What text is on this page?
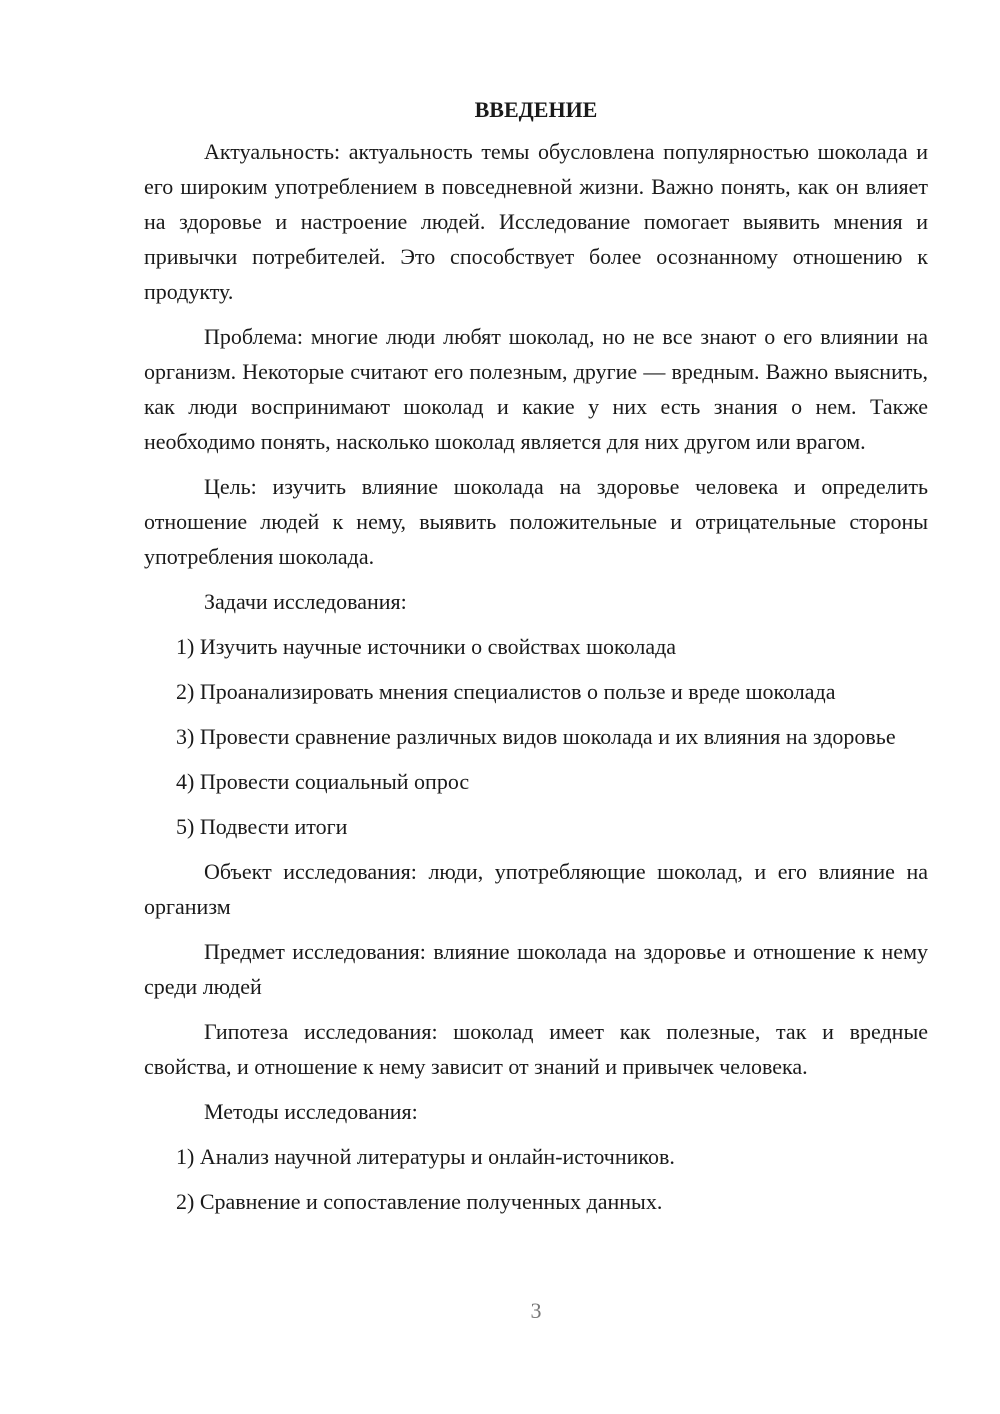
ВВЕДЕНИЕ

Актуальность: актуальность темы обусловлена популярностью шоколада и его широким употреблением в повседневной жизни. Важно понять, как он влияет на здоровье и настроение людей. Исследование помогает выявить мнения и привычки потребителей. Это способствует более осознанному отношению к продукту.

Проблема: многие люди любят шоколад, но не все знают о его влиянии на организм. Некоторые считают его полезным, другие — вредным. Важно выяснить, как люди воспринимают шоколад и какие у них есть знания о нем. Также необходимо понять, насколько шоколад является для них другом или врагом.

Цель: изучить влияние шоколада на здоровье человека и определить отношение людей к нему, выявить положительные и отрицательные стороны употребления шоколада.

Задачи исследования:

1) Изучить научные источники о свойствах шоколада

2) Проанализировать мнения специалистов о пользе и вреде шоколада

3) Провести сравнение различных видов шоколада и их влияния на здоровье

4) Провести социальный опрос

5) Подвести итоги

Объект исследования: люди, употребляющие шоколад, и его влияние на организм

Предмет исследования: влияние шоколада на здоровье и отношение к нему среди людей

Гипотеза исследования: шоколад имеет как полезные, так и вредные свойства, и отношение к нему зависит от знаний и привычек человека.

Методы исследования:

1) Анализ научной литературы и онлайн-источников.

2) Сравнение и сопоставление полученных данных.

3
